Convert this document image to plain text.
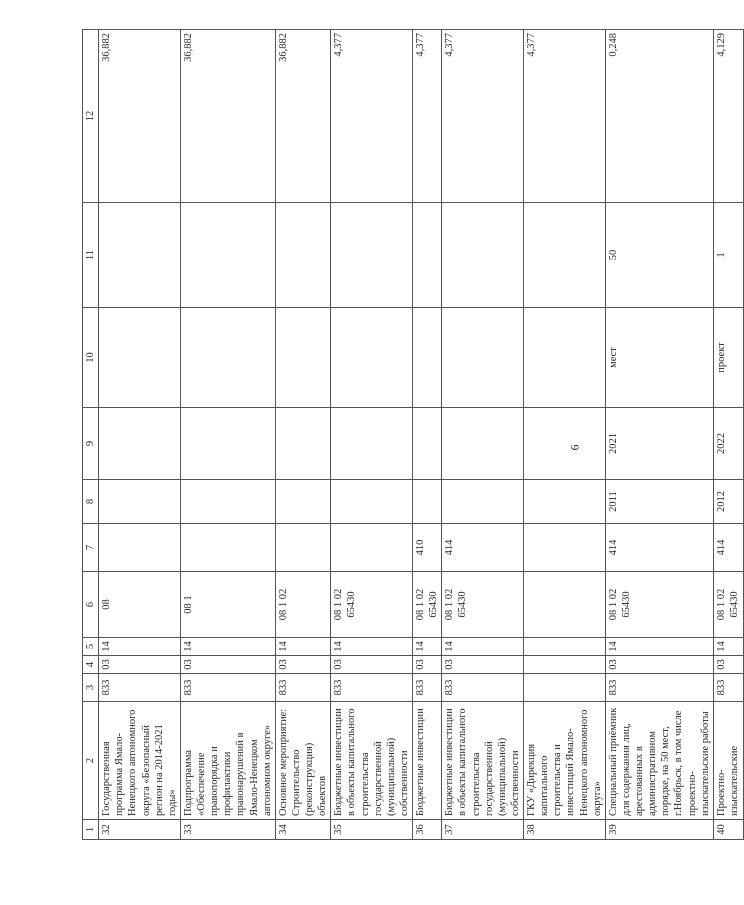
6
1	2	3	4	5	6	7	8	9	10	11	12
32	Государственная программа Ямало-Ненецкого автономного округа «Безопасный регион на 2014-2021 годы»	833	03	14	08						36,882
33	Подпрограмма «Обеспечение правопорядка и профилактики правонарушений в Ямало-Ненецком автономном округе»	833	03	14	08 1						36,882
34	Основное мероприятие: Строительство (реконструкция) объектов	833	03	14	08 1 02						36,882
35	Бюджетные инвестиции в объекты капитального строительства государственной (муниципальной) собственности	833	03	14	08 1 02 65430						4,377
36	Бюджетные инвестиции	833	03	14	08 1 02 65430	410					4,377
37	Бюджетные инвестиции в объекты капитального строительства государственной (муниципальной) собственности	833	03	14	08 1 02 65430	414					4,377
38	ГКУ «Дирекция капитального строительства и инвестиций Ямало-Ненецкого автономного округа»										4,377
39	Специальный приёмник для содержания лиц, арестованных в административном порядке, на 50 мест, г.Ноябрьск, в том числе проектно-изыскательские работы	833	03	14	08 1 02 65430	414	2011	2021	мест	50	0,248
40	Проектно-изыскательские	833	03	14	08 1 02 65430	414	2012	2022	проект	1	4,129
